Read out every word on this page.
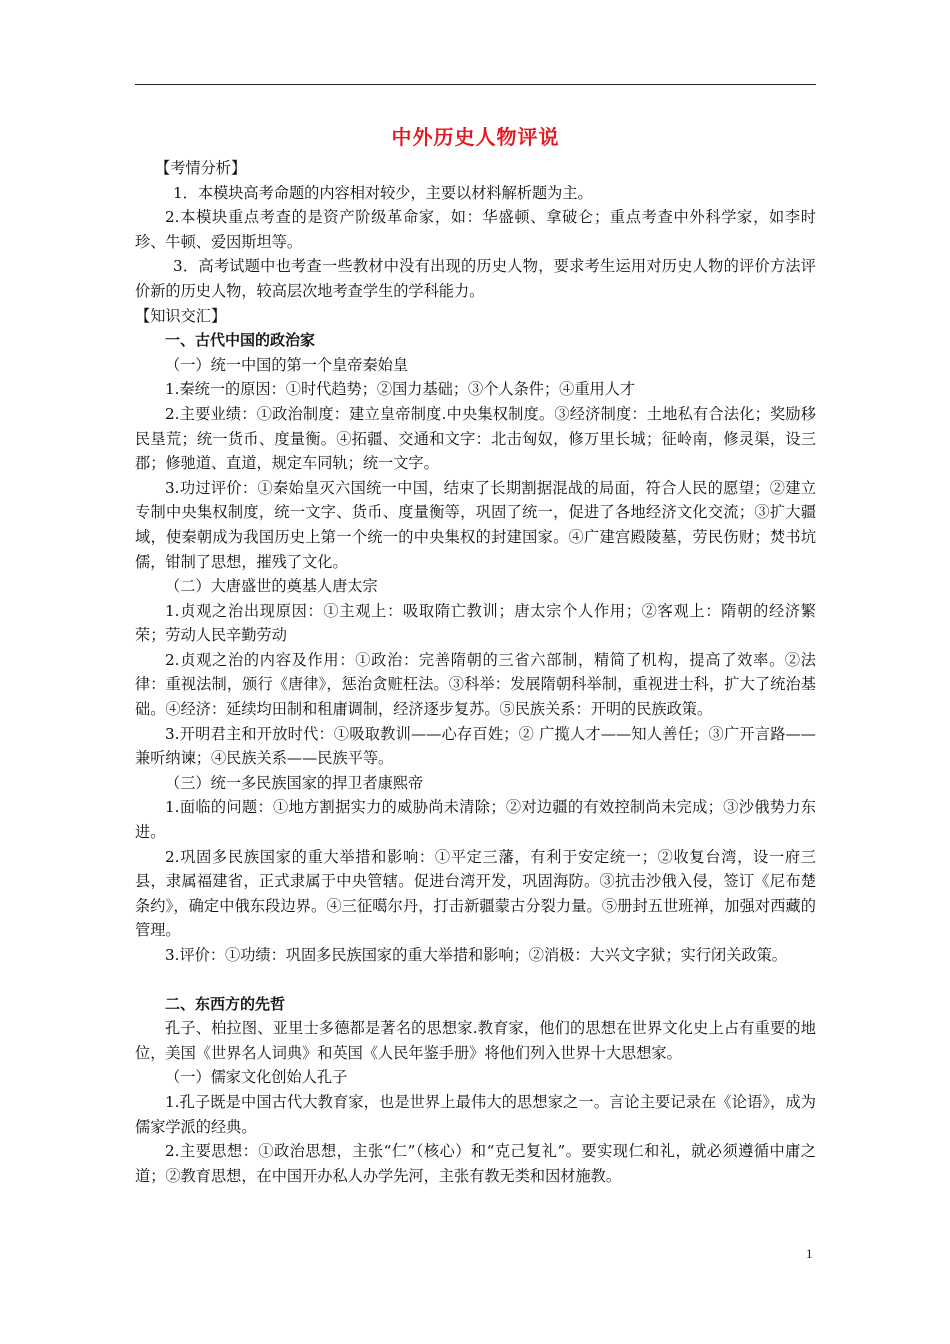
中外历史人物评说

【考情分析】

1．本模块高考命题的内容相对较少，主要以材料解析题为主。

2.本模块重点考查的是资产阶级革命家，如：华盛顿、拿破仑；重点考查中外科学家，如李时珍、牛顿、爱因斯坦等。

3．高考试题中也考查一些教材中没有出现的历史人物，要求考生运用对历史人物的评价方法评价新的历史人物，较高层次地考查学生的学科能力。

【知识交汇】

一、古代中国的政治家

（一）统一中国的第一个皇帝秦始皇

1.秦统一的原因：①时代趋势；②国力基础；③个人条件；④重用人才

2.主要业绩：①政治制度：建立皇帝制度.中央集权制度。③经济制度：土地私有合法化；奖励移民垦荒；统一货币、度量衡。④拓疆、交通和文字：北击匈奴，修万里长城；征岭南，修灵渠，设三郡；修驰道、直道，规定车同轨；统一文字。

3.功过评价：①秦始皇灭六国统一中国，结束了长期割据混战的局面，符合人民的愿望；②建立专制中央集权制度，统一文字、货币、度量衡等，巩固了统一，促进了各地经济文化交流；③扩大疆域，使秦朝成为我国历史上第一个统一的中央集权的封建国家。④广建宫殿陵墓，劳民伤财；焚书坑儒，钳制了思想，摧残了文化。

（二）大唐盛世的奠基人唐太宗

1.贞观之治出现原因：①主观上：吸取隋亡教训；唐太宗个人作用；②客观上：隋朝的经济繁荣；劳动人民辛勤劳动

2.贞观之治的内容及作用：①政治：完善隋朝的三省六部制，精简了机构，提高了效率。②法律：重视法制，颁行《唐律》，惩治贪赃枉法。③科举：发展隋朝科举制，重视进士科，扩大了统治基础。④经济：延续均田制和租庸调制，经济逐步复苏。⑤民族关系：开明的民族政策。

3.开明君主和开放时代：①吸取教训——心存百姓；② 广揽人才——知人善任；③广开言路——兼听纳谏；④民族关系——民族平等。

（三）统一多民族国家的捍卫者康熙帝

1.面临的问题：①地方割据实力的威胁尚未清除；②对边疆的有效控制尚未完成；③沙俄势力东进。

2.巩固多民族国家的重大举措和影响：①平定三藩，有利于安定统一；②收复台湾，设一府三县，隶属福建省，正式隶属于中央管辖。促进台湾开发，巩固海防。③抗击沙俄入侵，签订《尼布楚条约》，确定中俄东段边界。④三征噶尔丹，打击新疆蒙古分裂力量。⑤册封五世班禅，加强对西藏的管理。

3.评价：①功绩：巩固多民族国家的重大举措和影响；②消极：大兴文字狱；实行闭关政策。

二、东西方的先哲

孔子、柏拉图、亚里士多德都是著名的思想家.教育家，他们的思想在世界文化史上占有重要的地位，美国《世界名人词典》和英国《人民年鉴手册》将他们列入世界十大思想家。

（一）儒家文化创始人孔子

1.孔子既是中国古代大教育家，也是世界上最伟大的思想家之一。言论主要记录在《论语》，成为儒家学派的经典。

2.主要思想：①政治思想，主张“仁”（核心）和“克己复礼”。要实现仁和礼，就必须遵循中庸之道；②教育思想，在中国开办私人办学先河，主张有教无类和因材施教。

1
